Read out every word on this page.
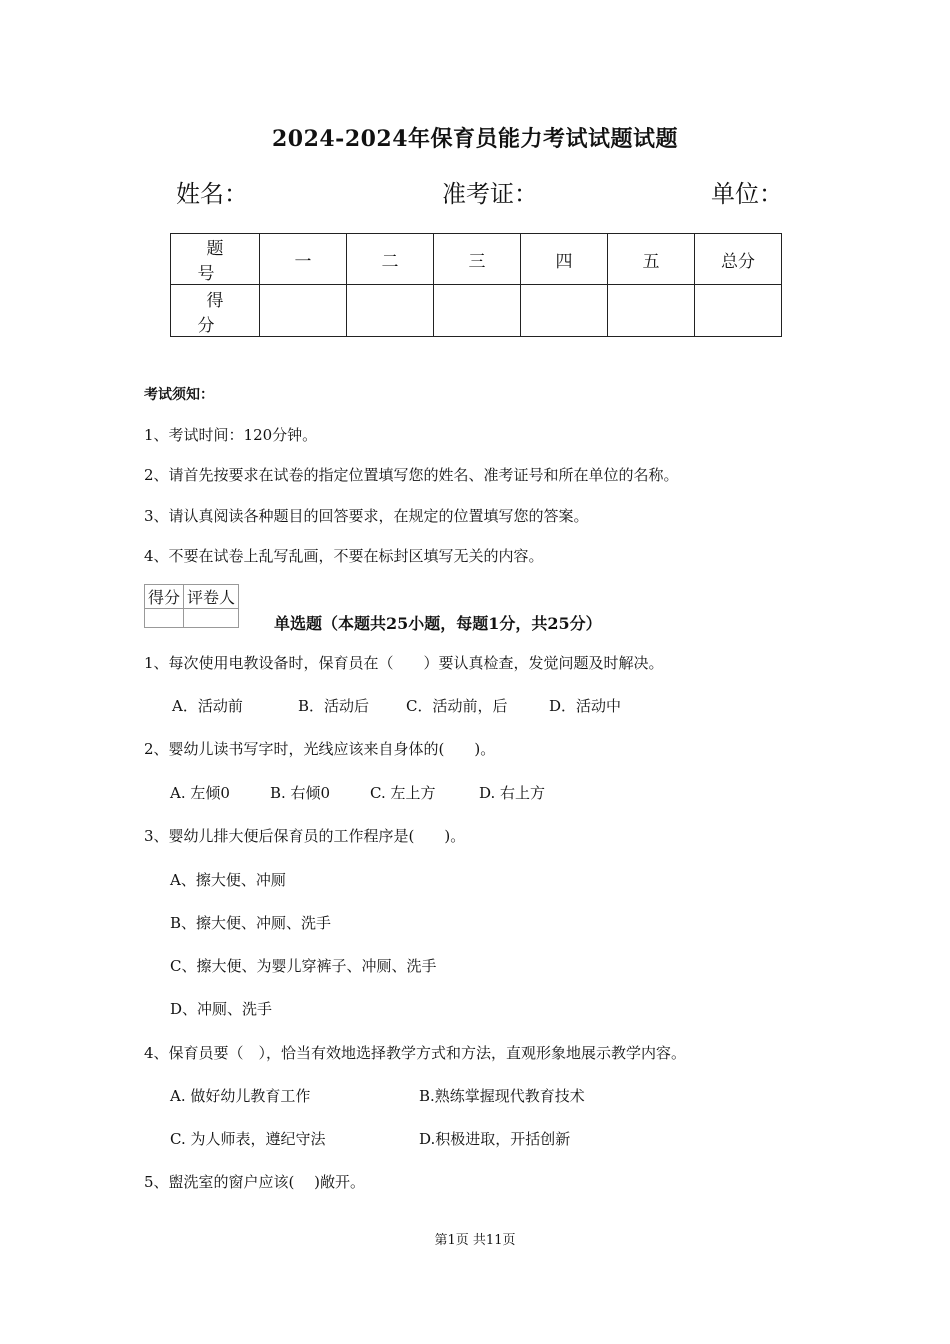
2024-2024年保育员能力考试试题试题
姓名：	准考证：	单位：
题　号	一	二	三	四	五	总分
得　分						
考试须知：
1、考试时间：120分钟。
2、请首先按要求在试卷的指定位置填写您的姓名、准考证号和所在单位的名称。
3、请认真阅读各种题目的回答要求，在规定的位置填写您的答案。
4、不要在试卷上乱写乱画，不要在标封区填写无关的内容。
得分	评卷人

单选题（本题共25小题，每题1分，共25分）
1、每次使用电教设备时，保育员在（　　）要认真检查，发觉问题及时解决。
A．活动前	B．活动后 C．活动前，后	D．活动中
2、婴幼儿读书写字时，光线应该来自身体的(　　)。
A. 左倾0	B. 右倾0	C. 左上方	D. 右上方
3、婴幼儿排大便后保育员的工作程序是(　　)。
A、擦大便、冲厕
B、擦大便、冲厕、洗手
C、擦大便、为婴儿穿裤子、冲厕、洗手
D、冲厕、洗手
4、保育员要（　），恰当有效地选择教学方式和方法，直观形象地展示教学内容。
A. 做好幼儿教育工作	B.熟练掌握现代教育技术
C. 为人师表，遵纪守法	D.积极进取，开括创新
5、盥洗室的窗户应该(　 )敞开。
第1页 共11页
